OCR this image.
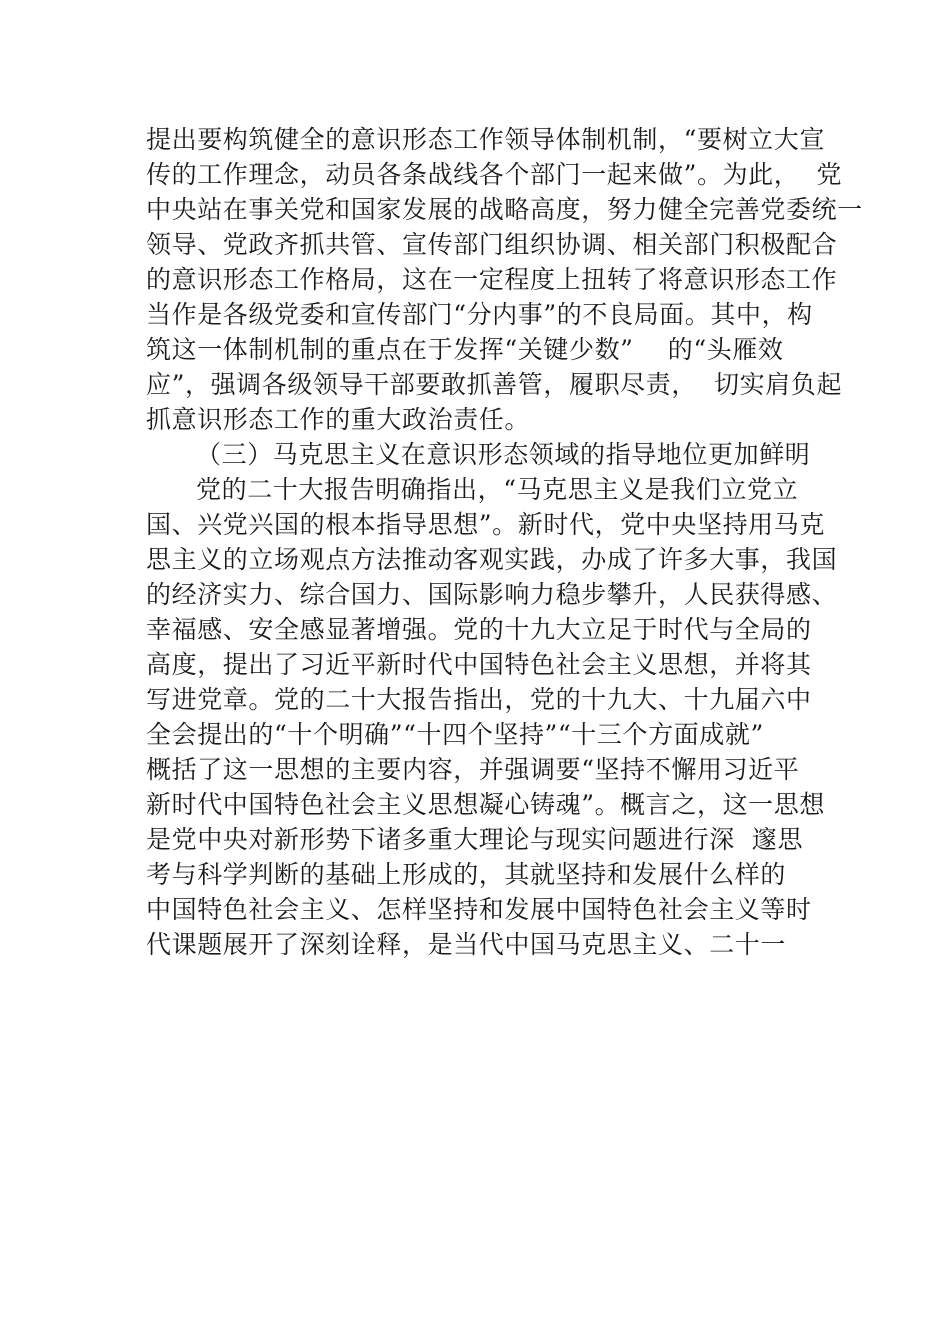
提出要构筑健全的意识形态工作领导体制机制，“要树立大宣
传的工作理念，动员各条战线各个部门一起来做”。为此，  党
中央站在事关党和国家发展的战略高度，努力健全完善党委统一
领导、党政齐抓共管、宣传部门组织协调、相关部门积极配合
的意识形态工作格局，这在一定程度上扭转了将意识形态工作
当作是各级党委和宣传部门“分内事”的不良局面。其中，构
筑这一体制机制的重点在于发挥“关键少数”    的“头雁效
应”，强调各级领导干部要敢抓善管，履职尽责，  切实肩负起
抓意识形态工作的重大政治责任。
（三）马克思主义在意识形态领域的指导地位更加鲜明
党的二十大报告明确指出，“马克思主义是我们立党立
国、兴党兴国的根本指导思想”。新时代，党中央坚持用马克
思主义的立场观点方法推动客观实践，办成了许多大事，我国
的经济实力、综合国力、国际影响力稳步攀升，人民获得感、
幸福感、安全感显著增强。党的十九大立足于时代与全局的
高度，提出了习近平新时代中国特色社会主义思想，并将其
写进党章。党的二十大报告指出，党的十九大、十九届六中
全会提出的“十个明确”“十四个坚持”“十三个方面成就”
概括了这一思想的主要内容，并强调要“坚持不懈用习近平
新时代中国特色社会主义思想凝心铸魂”。概言之，这一思想
是党中央对新形势下诸多重大理论与现实问题进行深  邃思
考与科学判断的基础上形成的，其就坚持和发展什么样的
中国特色社会主义、怎样坚持和发展中国特色社会主义等时
代课题展开了深刻诠释，是当代中国马克思主义、二十一
